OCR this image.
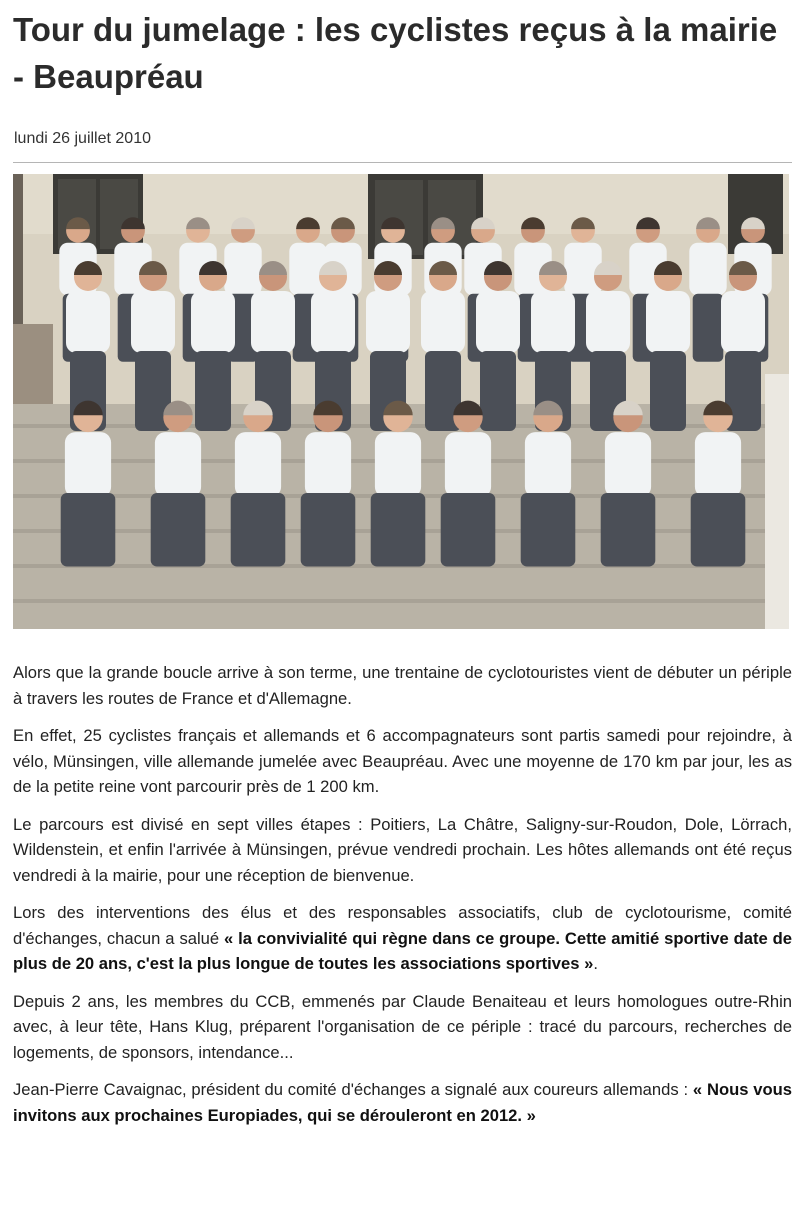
Tour du jumelage : les cyclistes reçus à la mairie - Beaupréau
lundi 26 juillet 2010

Alors que la grande boucle arrive à son terme, une trentaine de cyclotouristes vient de débuter un périple à travers les routes de France et d'Allemagne.

En effet, 25 cyclistes français et allemands et 6 accompagnateurs sont partis samedi pour rejoindre, à vélo, Münsingen, ville allemande jumelée avec Beaupréau. Avec une moyenne de 170 km par jour, les as de la petite reine vont parcourir près de 1 200 km.

Le parcours est divisé en sept villes étapes : Poitiers, La Châtre, Saligny-sur-Roudon, Dole, Lörrach, Wildenstein, et enfin l'arrivée à Münsingen, prévue vendredi prochain. Les hôtes allemands ont été reçus vendredi à la mairie, pour une réception de bienvenue.

Lors des interventions des élus et des responsables associatifs, club de cyclotourisme, comité d'échanges, chacun a salué « la convivialité qui règne dans ce groupe. Cette amitié sportive date de plus de 20 ans, c'est la plus longue de toutes les associations sportives ».

Depuis 2 ans, les membres du CCB, emmenés par Claude Benaiteau et leurs homologues outre-Rhin avec, à leur tête, Hans Klug, préparent l'organisation de ce périple : tracé du parcours, recherches de logements, de sponsors, intendance...

Jean-Pierre Cavaignac, président du comité d'échanges a signalé aux coureurs allemands : « Nous vous invitons aux prochaines Europiades, qui se dérouleront en 2012. »
